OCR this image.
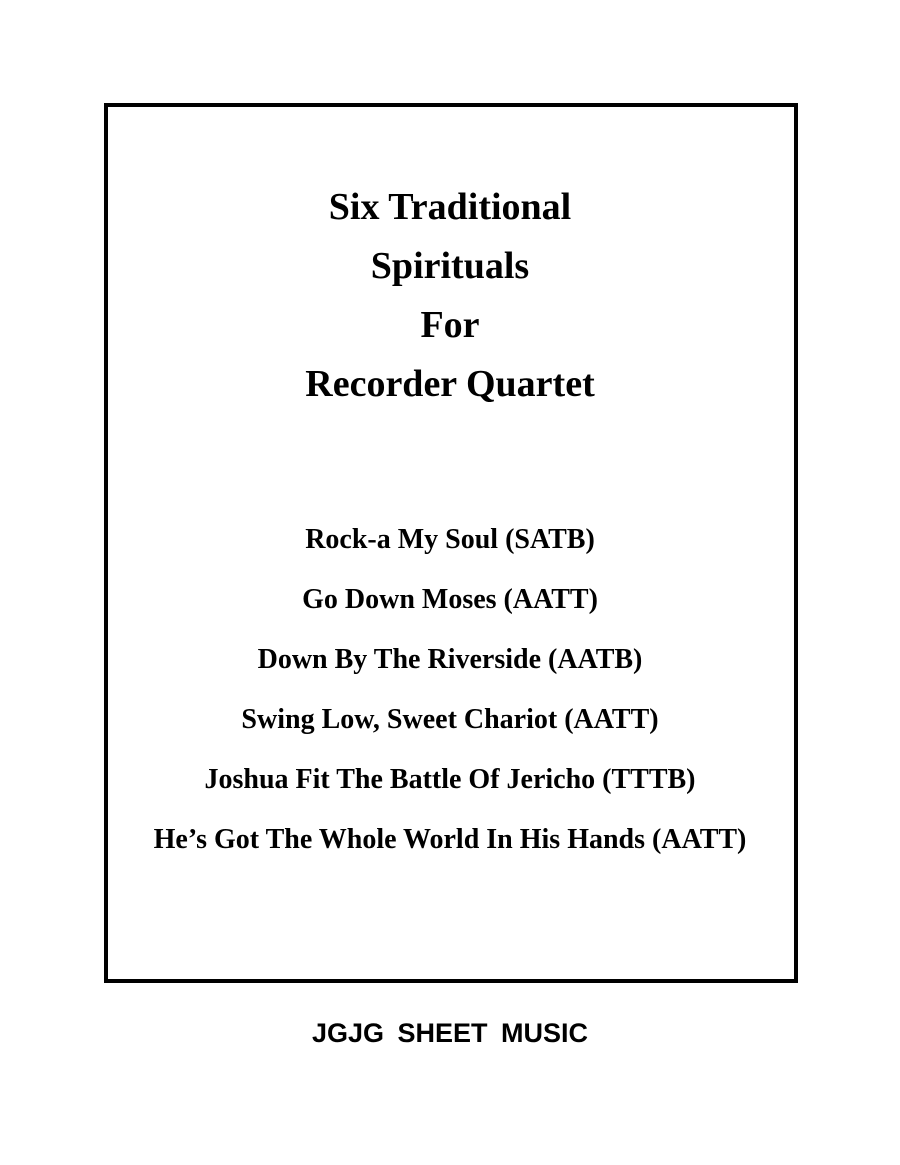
Six Traditional
Spirituals
For
Recorder Quartet
Rock-a My Soul (SATB)
Go Down Moses (AATT)
Down By The Riverside (AATB)
Swing Low, Sweet Chariot (AATT)
Joshua Fit The Battle Of Jericho (TTTB)
He’s Got The Whole World In His Hands (AATT)
JGJG SHEET MUSIC
